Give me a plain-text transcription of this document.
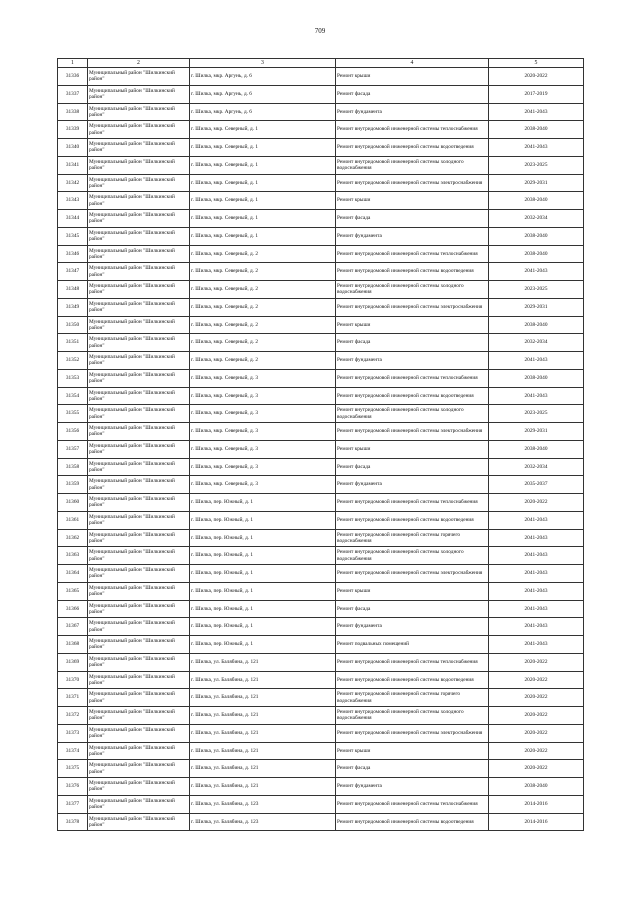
709
1	2	3	4	5
31336	Муниципальный район "Шилкинский район"	г. Шилка, мкр. Аргунь, д. 6	Ремонт крыши	2020-2022
31337	Муниципальный район "Шилкинский район"	г. Шилка, мкр. Аргунь, д. 6	Ремонт фасада	2017-2019
31338	Муниципальный район "Шилкинский район"	г. Шилка, мкр. Аргунь, д. 6	Ремонт фундамента	2041-2043
31339	Муниципальный район "Шилкинский район"	г. Шилка, мкр. Северный, д. 1	Ремонт внутридомовой инженерной системы теплоснабжения	2038-2040
31340	Муниципальный район "Шилкинский район"	г. Шилка, мкр. Северный, д. 1	Ремонт внутридомовой инженерной системы водоотведения	2041-2043
31341	Муниципальный район "Шилкинский район"	г. Шилка, мкр. Северный, д. 1	Ремонт внутридомовой инженерной системы холодного водоснабжения	2023-2025
31342	Муниципальный район "Шилкинский район"	г. Шилка, мкр. Северный, д. 1	Ремонт внутридомовой инженерной системы электроснабжения	2029-2031
31343	Муниципальный район "Шилкинский район"	г. Шилка, мкр. Северный, д. 1	Ремонт крыши	2038-2040
31344	Муниципальный район "Шилкинский район"	г. Шилка, мкр. Северный, д. 1	Ремонт фасада	2032-2034
31345	Муниципальный район "Шилкинский район"	г. Шилка, мкр. Северный, д. 1	Ремонт фундамента	2038-2040
31346	Муниципальный район "Шилкинский район"	г. Шилка, мкр. Северный, д. 2	Ремонт внутридомовой инженерной системы теплоснабжения	2038-2040
31347	Муниципальный район "Шилкинский район"	г. Шилка, мкр. Северный, д. 2	Ремонт внутридомовой инженерной системы водоотведения	2041-2043
31348	Муниципальный район "Шилкинский район"	г. Шилка, мкр. Северный, д. 2	Ремонт внутридомовой инженерной системы холодного водоснабжения	2023-2025
31349	Муниципальный район "Шилкинский район"	г. Шилка, мкр. Северный, д. 2	Ремонт внутридомовой инженерной системы электроснабжения	2029-2031
31350	Муниципальный район "Шилкинский район"	г. Шилка, мкр. Северный, д. 2	Ремонт крыши	2038-2040
31351	Муниципальный район "Шилкинский район"	г. Шилка, мкр. Северный, д. 2	Ремонт фасада	2032-2034
31352	Муниципальный район "Шилкинский район"	г. Шилка, мкр. Северный, д. 2	Ремонт фундамента	2041-2043
31353	Муниципальный район "Шилкинский район"	г. Шилка, мкр. Северный, д. 3	Ремонт внутридомовой инженерной системы теплоснабжения	2038-2040
31354	Муниципальный район "Шилкинский район"	г. Шилка, мкр. Северный, д. 3	Ремонт внутридомовой инженерной системы водоотведения	2041-2043
31355	Муниципальный район "Шилкинский район"	г. Шилка, мкр. Северный, д. 3	Ремонт внутридомовой инженерной системы холодного водоснабжения	2023-2025
31356	Муниципальный район "Шилкинский район"	г. Шилка, мкр. Северный, д. 3	Ремонт внутридомовой инженерной системы электроснабжения	2029-2031
31357	Муниципальный район "Шилкинский район"	г. Шилка, мкр. Северный, д. 3	Ремонт крыши	2038-2040
31358	Муниципальный район "Шилкинский район"	г. Шилка, мкр. Северный, д. 3	Ремонт фасада	2032-2034
31359	Муниципальный район "Шилкинский район"	г. Шилка, мкр. Северный, д. 3	Ремонт фундамента	2035-2037
31360	Муниципальный район "Шилкинский район"	г. Шилка, пер. Южный, д. 1	Ремонт внутридомовой инженерной системы теплоснабжения	2020-2022
31361	Муниципальный район "Шилкинский район"	г. Шилка, пер. Южный, д. 1	Ремонт внутридомовой инженерной системы водоотведения	2041-2043
31362	Муниципальный район "Шилкинский район"	г. Шилка, пер. Южный, д. 1	Ремонт внутридомовой инженерной системы горячего водоснабжения	2041-2043
31363	Муниципальный район "Шилкинский район"	г. Шилка, пер. Южный, д. 1	Ремонт внутридомовой инженерной системы холодного водоснабжения	2041-2043
31364	Муниципальный район "Шилкинский район"	г. Шилка, пер. Южный, д. 1	Ремонт внутридомовой инженерной системы электроснабжения	2041-2043
31365	Муниципальный район "Шилкинский район"	г. Шилка, пер. Южный, д. 1	Ремонт крыши	2041-2043
31366	Муниципальный район "Шилкинский район"	г. Шилка, пер. Южный, д. 1	Ремонт фасада	2041-2043
31367	Муниципальный район "Шилкинский район"	г. Шилка, пер. Южный, д. 1	Ремонт фундамента	2041-2043
31368	Муниципальный район "Шилкинский район"	г. Шилка, пер. Южный, д. 1	Ремонт подвальных помещений	2041-2043
31369	Муниципальный район "Шилкинский район"	г. Шилка, ул. Балябина, д. 121	Ремонт внутридомовой инженерной системы теплоснабжения	2020-2022
31370	Муниципальный район "Шилкинский район"	г. Шилка, ул. Балябина, д. 121	Ремонт внутридомовой инженерной системы водоотведения	2020-2022
31371	Муниципальный район "Шилкинский район"	г. Шилка, ул. Балябина, д. 121	Ремонт внутридомовой инженерной системы горячего водоснабжения	2020-2022
31372	Муниципальный район "Шилкинский район"	г. Шилка, ул. Балябина, д. 121	Ремонт внутридомовой инженерной системы холодного водоснабжения	2020-2022
31373	Муниципальный район "Шилкинский район"	г. Шилка, ул. Балябина, д. 121	Ремонт внутридомовой инженерной системы электроснабжения	2020-2022
31374	Муниципальный район "Шилкинский район"	г. Шилка, ул. Балябина, д. 121	Ремонт крыши	2020-2022
31375	Муниципальный район "Шилкинский район"	г. Шилка, ул. Балябина, д. 121	Ремонт фасада	2020-2022
31376	Муниципальный район "Шилкинский район"	г. Шилка, ул. Балябина, д. 121	Ремонт фундамента	2038-2040
31377	Муниципальный район "Шилкинский район"	г. Шилка, ул. Балябина, д. 123	Ремонт внутридомовой инженерной системы теплоснабжения	2014-2016
31378	Муниципальный район "Шилкинский район"	г. Шилка, ул. Балябина, д. 123	Ремонт внутридомовой инженерной системы водоотведения	2014-2016
